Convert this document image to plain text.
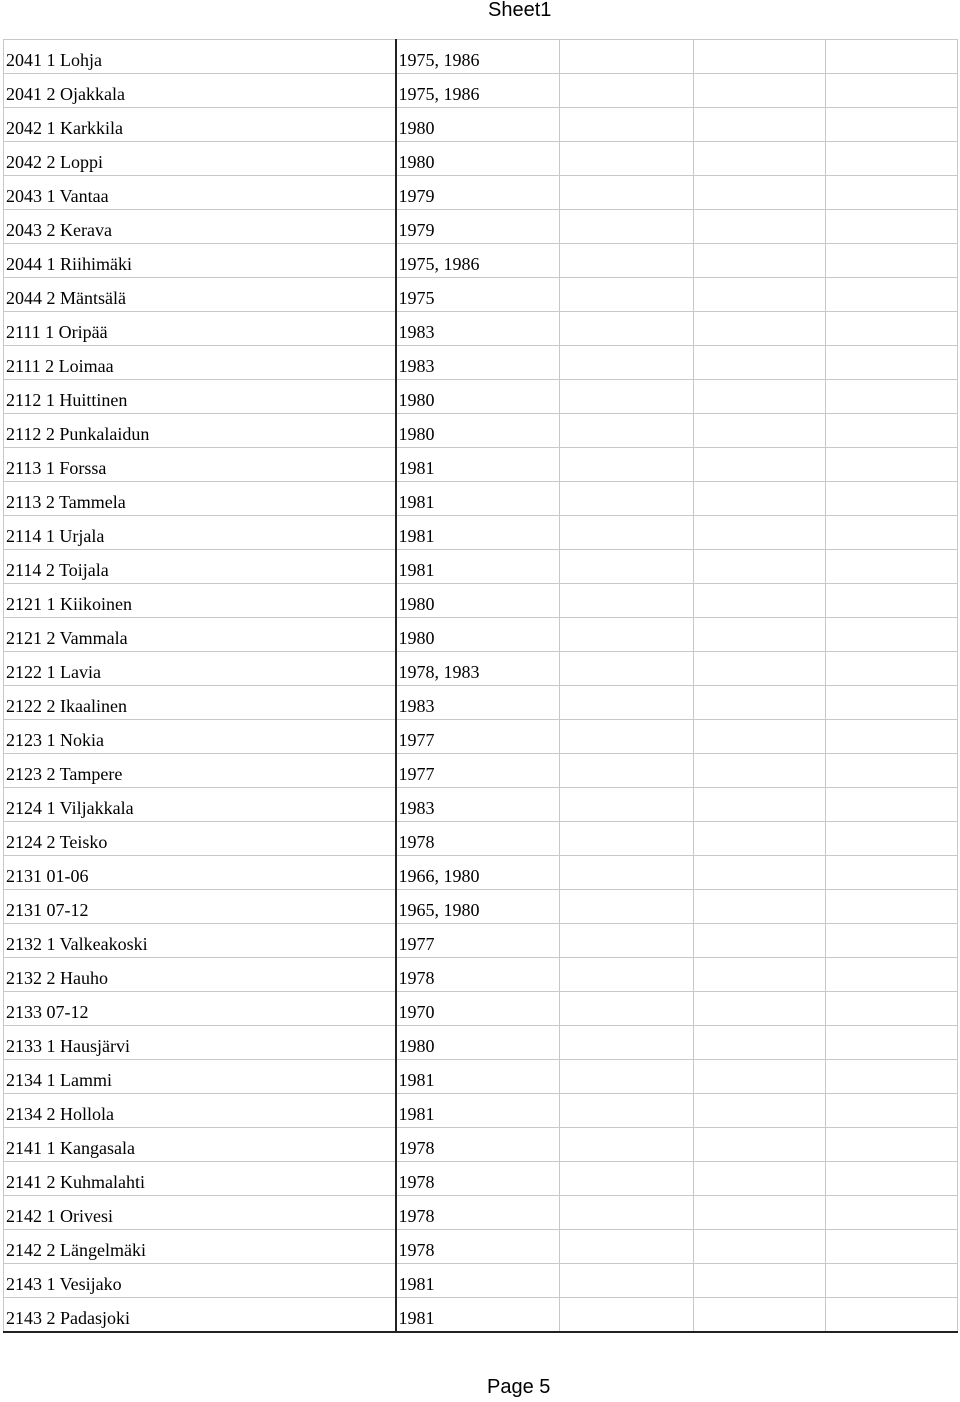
Sheet1
2041 1 Lohja	1975, 1986			
2041 2 Ojakkala	1975, 1986			
2042 1 Karkkila	1980			
2042 2 Loppi	1980			
2043 1 Vantaa	1979			
2043 2 Kerava	1979			
2044 1 Riihimäki	1975, 1986			
2044 2 Mäntsälä	1975			
2111 1 Oripää	1983			
2111 2 Loimaa	1983			
2112 1 Huittinen	1980			
2112 2 Punkalaidun	1980			
2113 1 Forssa	1981			
2113 2 Tammela	1981			
2114 1 Urjala	1981			
2114 2 Toijala	1981			
2121 1 Kiikoinen	1980			
2121 2 Vammala	1980			
2122 1 Lavia	1978, 1983			
2122 2 Ikaalinen	1983			
2123 1 Nokia	1977			
2123 2 Tampere	1977			
2124 1 Viljakkala	1983			
2124 2 Teisko	1978			
2131 01-06	1966, 1980			
2131 07-12	1965, 1980			
2132 1 Valkeakoski	1977			
2132 2 Hauho	1978			
2133 07-12	1970			
2133 1 Hausjärvi	1980			
2134 1 Lammi	1981			
2134 2 Hollola	1981			
2141 1 Kangasala	1978			
2141 2 Kuhmalahti	1978			
2142 1 Orivesi	1978			
2142 2 Längelmäki	1978			
2143 1 Vesijako	1981			
2143 2 Padasjoki	1981			
Page 5
